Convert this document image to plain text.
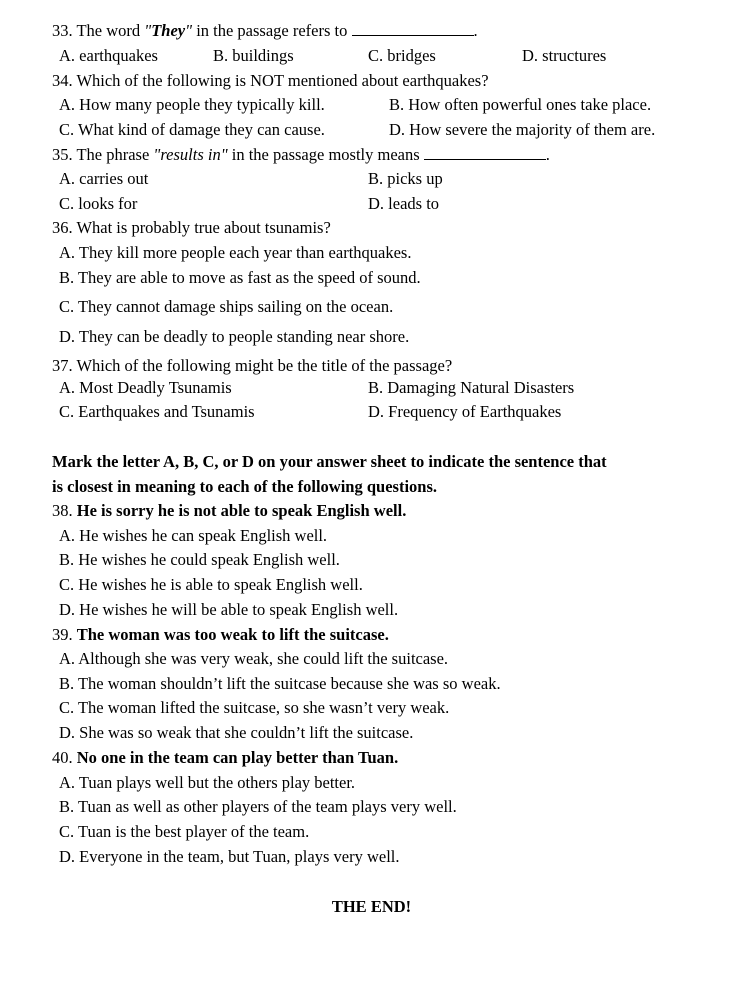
33. The word "They" in the passage refers to	.
A. earthquakes	B. buildings	C. bridges	D. structures
34. Which of the following is NOT mentioned about earthquakes?
A. How many people they typically kill.	B. How often powerful ones take place.
C. What kind of damage they can cause.	D. How severe the majority of them are.
35. The phrase "results in" in the passage mostly means	.
A. carries out	B. picks up
C. looks for	D. leads to
36. What is probably true about tsunamis?
A. They kill more people each year than earthquakes.
B. They are able to move as fast as the speed of sound.
C. They cannot damage ships sailing on the ocean.
D. They can be deadly to people standing near shore.
37. Which of the following might be the title of the passage?
A. Most Deadly Tsunamis	B. Damaging Natural Disasters
C. Earthquakes and Tsunamis	D. Frequency of Earthquakes
Mark the letter A, B, C, or D on your answer sheet to indicate the sentence that
is closest in meaning to each of the following questions.
38. He is sorry he is not able to speak English well.
A. He wishes he can speak English well.
B. He wishes he could speak English well.
C. He wishes he is able to speak English well.
D. He wishes he will be able to speak English well.
39. The woman was too weak to lift the suitcase.
A. Although she was very weak, she could lift the suitcase.
B. The woman shouldn’t lift the suitcase because she was so weak.
C. The woman lifted the suitcase, so she wasn’t very weak.
D. She was so weak that she couldn’t lift the suitcase.
40. No one in the team can play better than Tuan.
A. Tuan plays well but the others play better.
B. Tuan as well as other players of the team plays very well.
C. Tuan is the best player of the team.
D. Everyone in the team, but Tuan, plays very well.
THE END!
